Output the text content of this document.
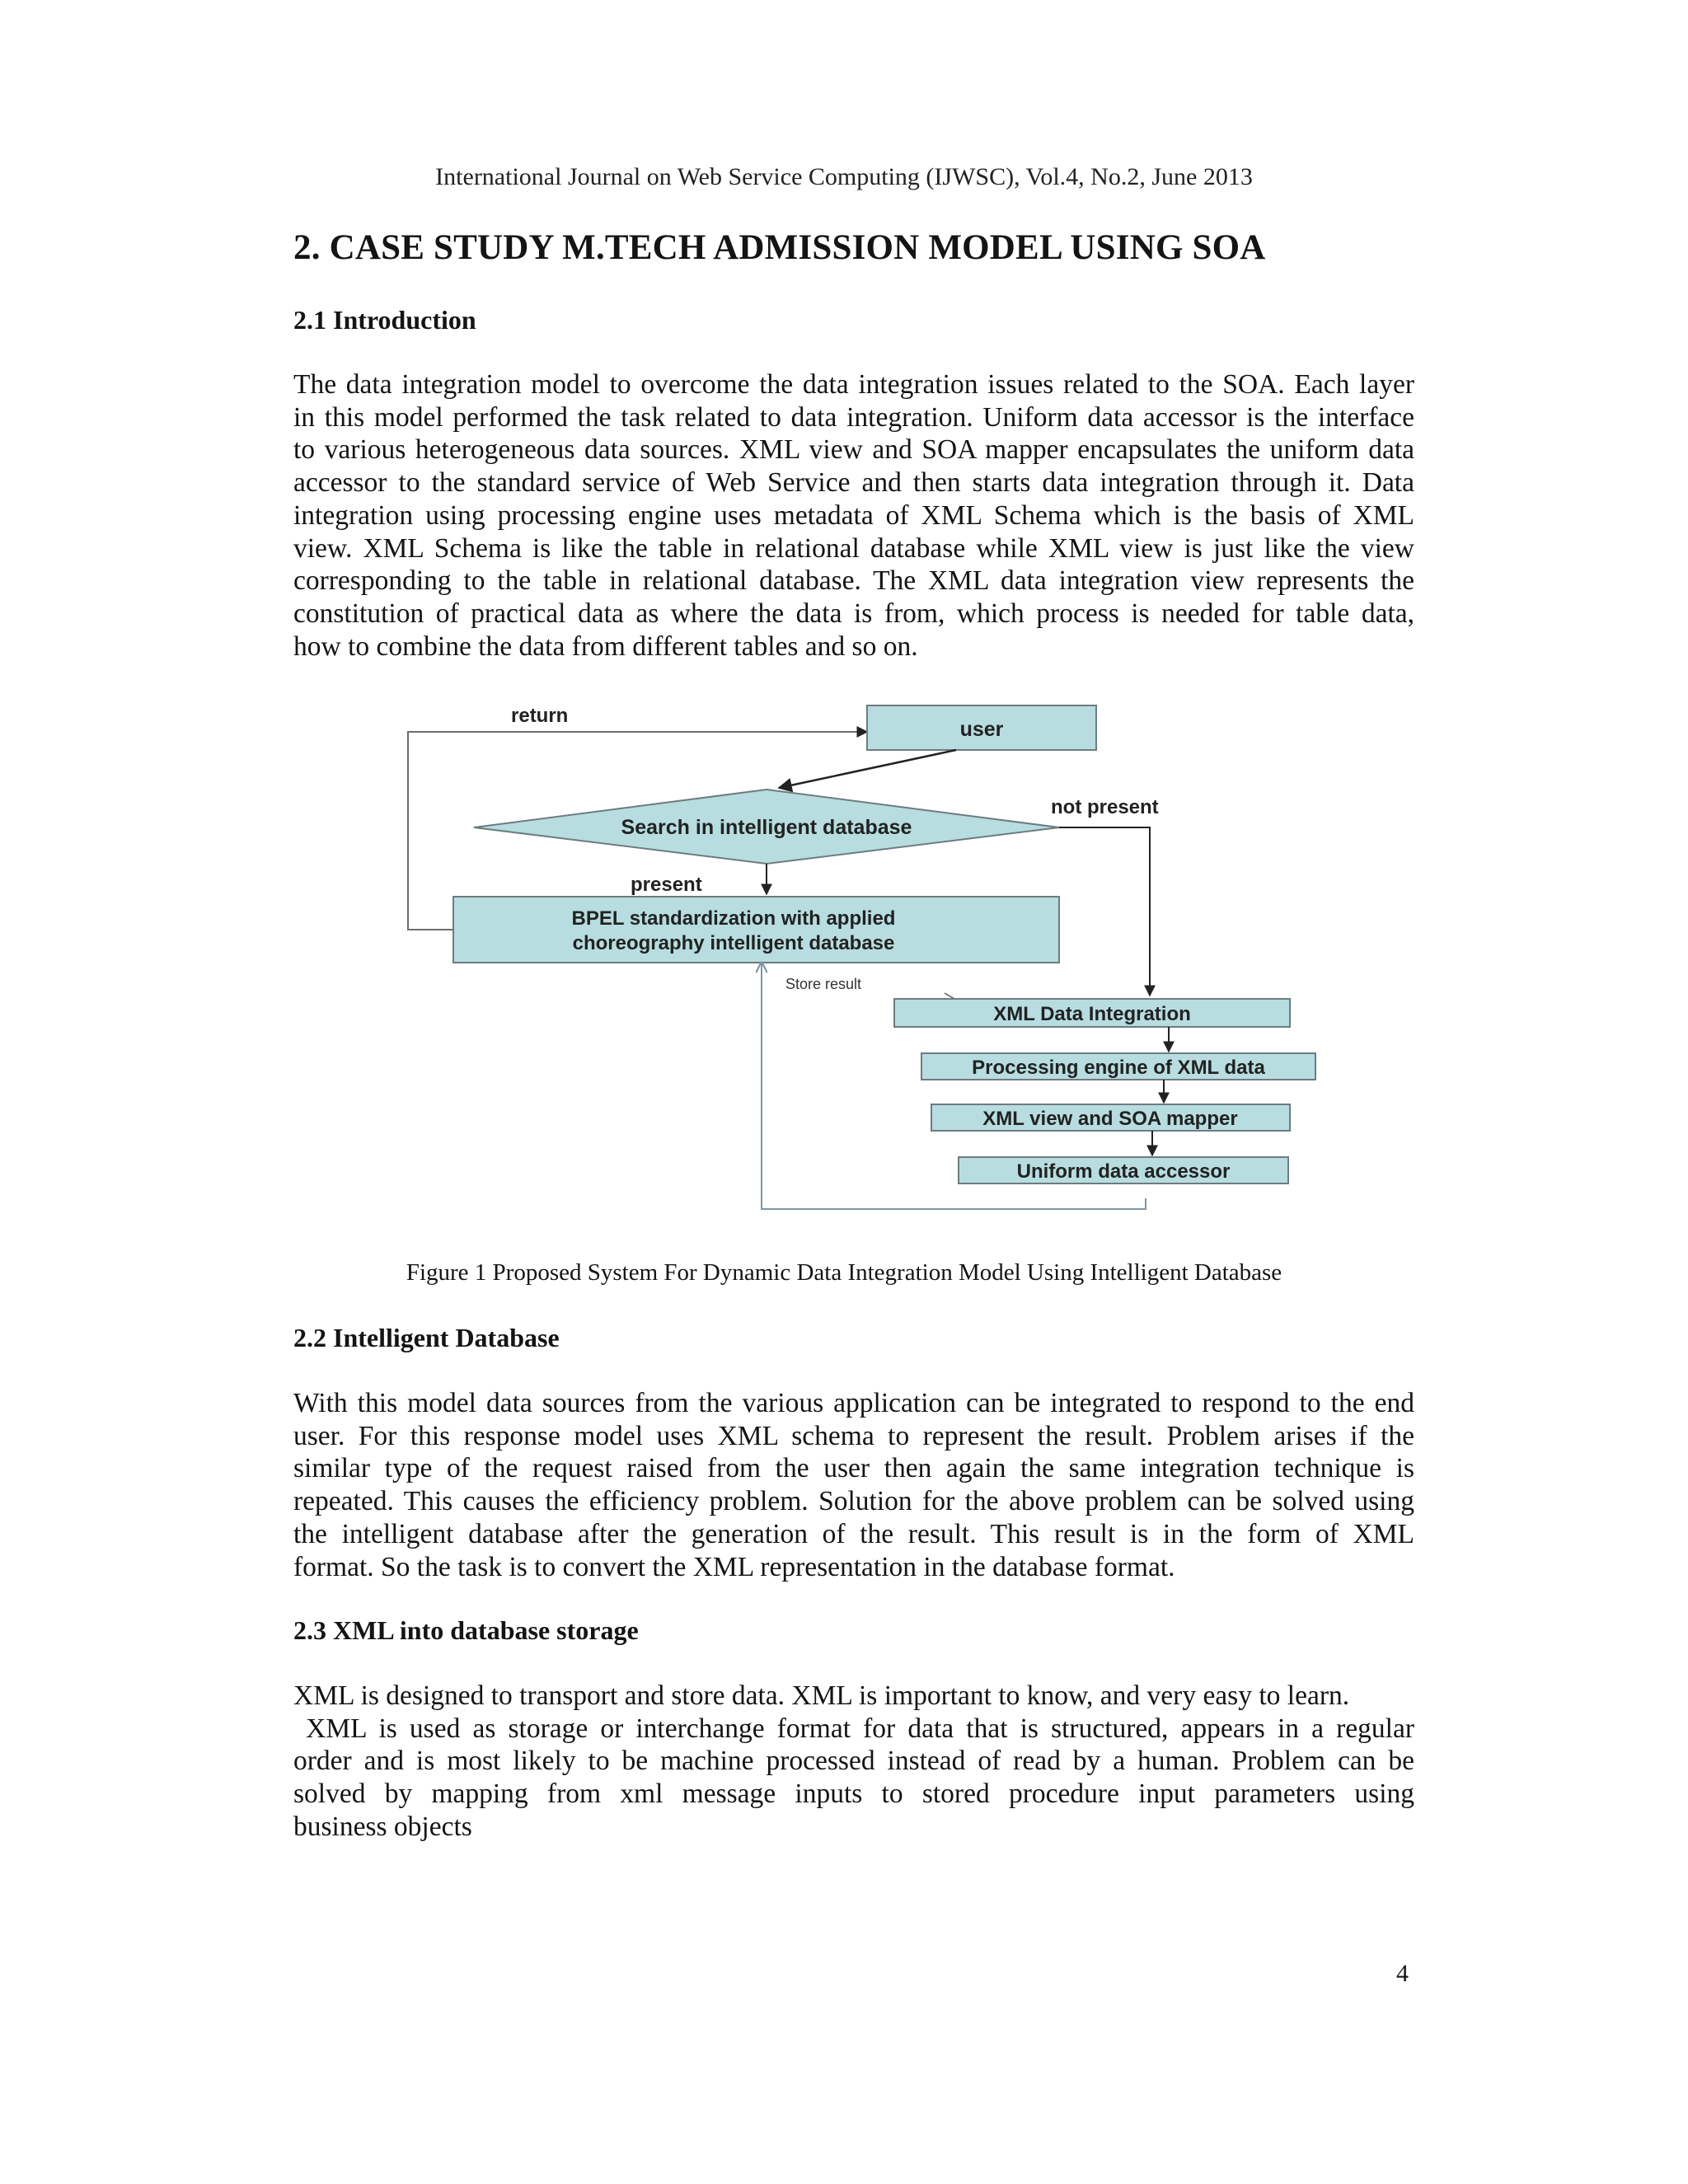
International Journal on Web Service Computing (IJWSC), Vol.4, No.2, June 2013
2. CASE STUDY M.TECH ADMISSION MODEL USING SOA
2.1 Introduction
The data integration model to overcome the data integration issues related to the SOA. Each layer
in this model performed the task related to data integration. Uniform data accessor is the interface
to various heterogeneous data sources. XML view and SOA mapper encapsulates the uniform data
accessor to the standard service of Web Service and then starts data integration through it. Data
integration using processing engine uses metadata of XML Schema which is the basis of XML
view. XML Schema is like the table in relational database while XML view is just like the view
corresponding to the table in relational database. The XML data integration view represents the
constitution of practical data as where the data is from, which process is needed for table data,
how to combine the data from different tables and so on.
return
user
Search in intelligent database
not present
present
BPEL standardization with applied
choreography intelligent database
Store result
XML Data Integration
Processing engine of XML data
XML view and SOA mapper
Uniform data accessor
Figure 1 Proposed System For Dynamic Data Integration Model Using Intelligent Database
2.2 Intelligent Database
With this model data sources from the various application can be integrated to respond to the end
user. For this response model uses XML schema to represent the result. Problem arises if the
similar type of the request raised from the user then again the same integration technique is
repeated. This causes the efficiency problem. Solution for the above problem can be solved using
the intelligent database after the generation of the result. This result is in the form of XML
format. So the task is to convert the XML representation in the database format.
2.3 XML into database storage
XML is designed to transport and store data. XML is important to know, and very easy to learn.
XML is used as storage or interchange format for data that is structured, appears in a regular
order and is most likely to be machine processed instead of read by a human. Problem can be
solved by mapping from xml message inputs to stored procedure input parameters using
business objects
4
